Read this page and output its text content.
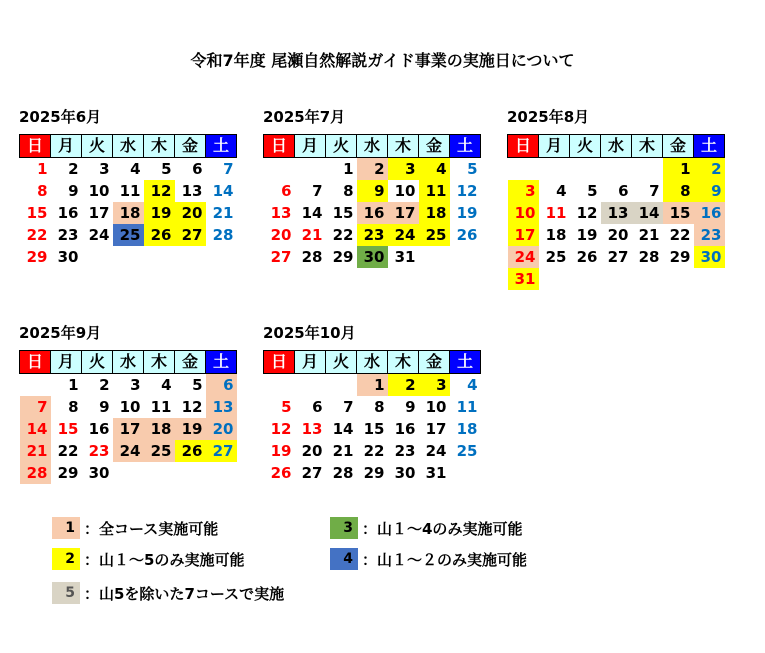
令和7年度 尾瀬自然解説ガイド事業の実施日について
2025年6月
日	月	火	水	木	金	土
1	2	3	4	5	6	7
8	9	10	11	12	13	14
15	16	17	18	19	20	21
22	23	24	25	26	27	28
29	30					
2025年7月
日	月	火	水	木	金	土
		1	2	3	4	5
6	7	8	9	10	11	12
13	14	15	16	17	18	19
20	21	22	23	24	25	26
27	28	29	30	31		
2025年8月
日	月	火	水	木	金	土
					1	2
3	4	5	6	7	8	9
10	11	12	13	14	15	16
17	18	19	20	21	22	23
24	25	26	27	28	29	30
31						
2025年9月
日	月	火	水	木	金	土
	1	2	3	4	5	6
7	8	9	10	11	12	13
14	15	16	17	18	19	20
21	22	23	24	25	26	27
28	29	30				
2025年10月
日	月	火	水	木	金	土
			1	2	3	4
5	6	7	8	9	10	11
12	13	14	15	16	17	18
19	20	21	22	23	24	25
26	27	28	29	30	31	
1 ：全コース実施可能
2 ：山１～5のみ実施可能
3 ：山１～4のみ実施可能
4 ：山１～２のみ実施可能
5 ：山5を除いた7コースで実施
